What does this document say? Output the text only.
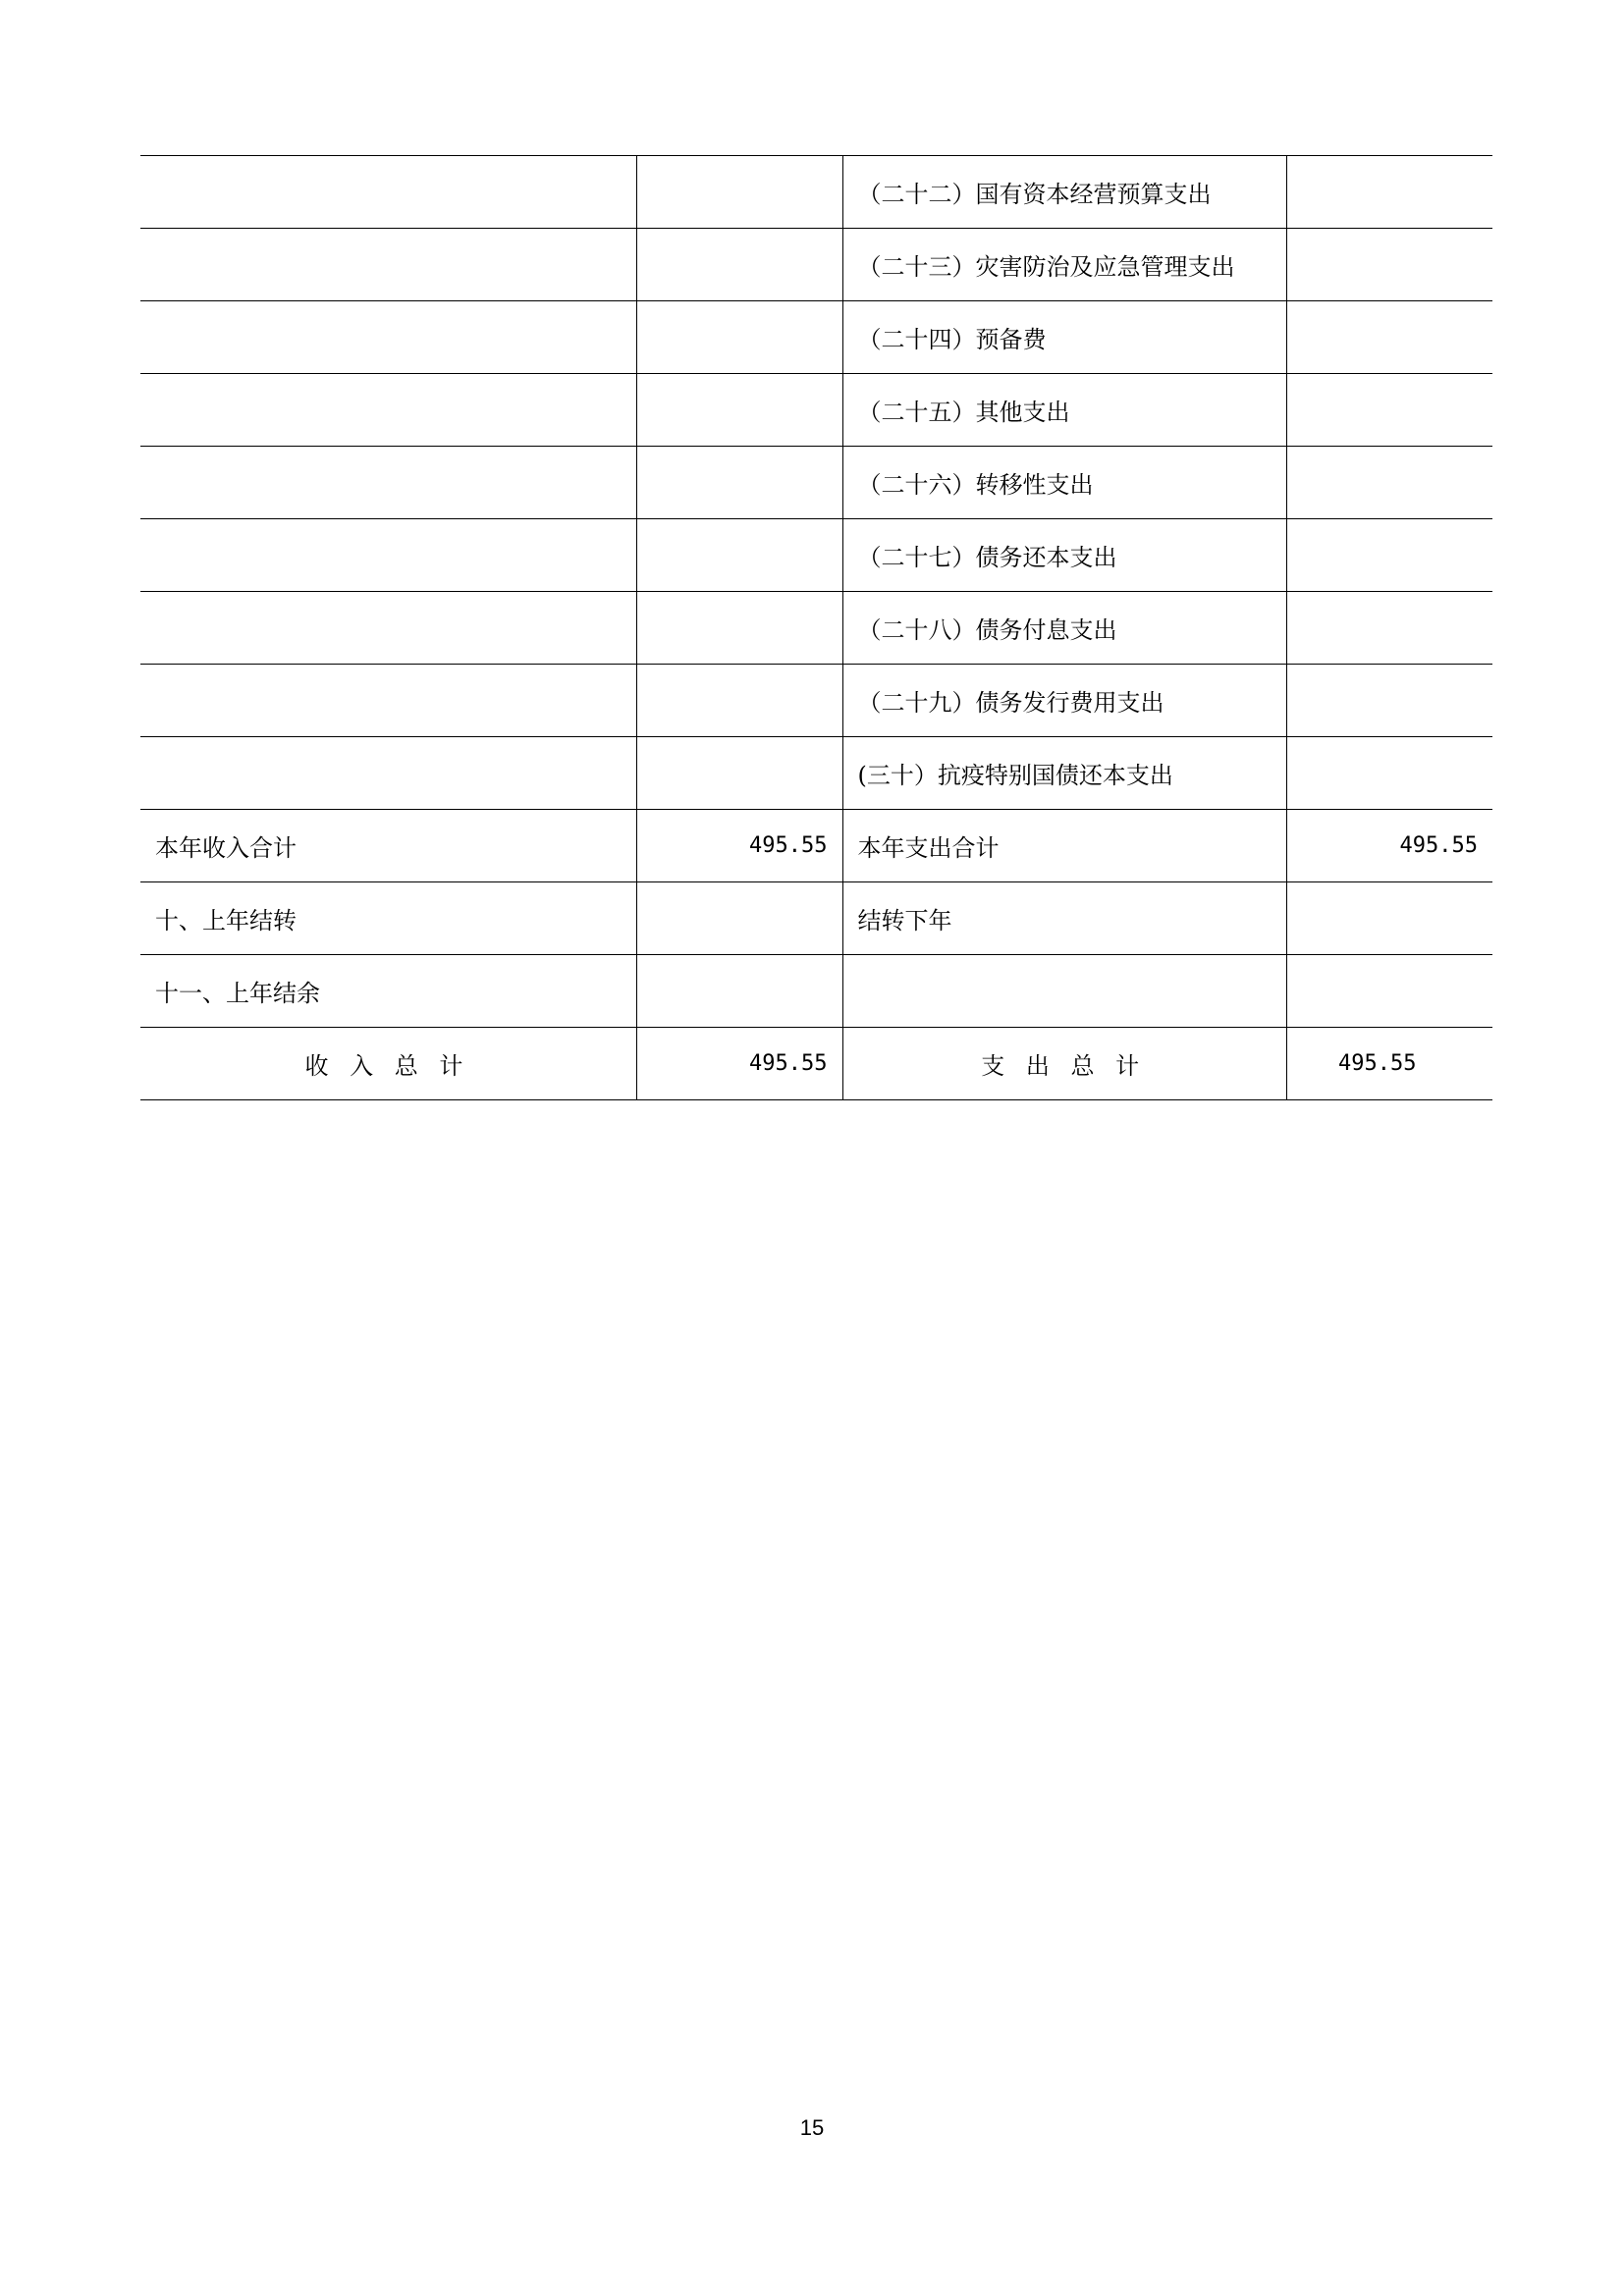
		（二十二）国有资本经营预算支出	
		（二十三）灾害防治及应急管理支出	
		（二十四）预备费	
		（二十五）其他支出	
		（二十六）转移性支出	
		（二十七）债务还本支出	
		（二十八）债务付息支出	
		（二十九）债务发行费用支出	
		(三十）抗疫特别国债还本支出	
本年收入合计	495.55	本年支出合计	495.55
十、上年结转		结转下年	
十一、上年结余			
收入总计	495.55	支出总计	495.55
15
